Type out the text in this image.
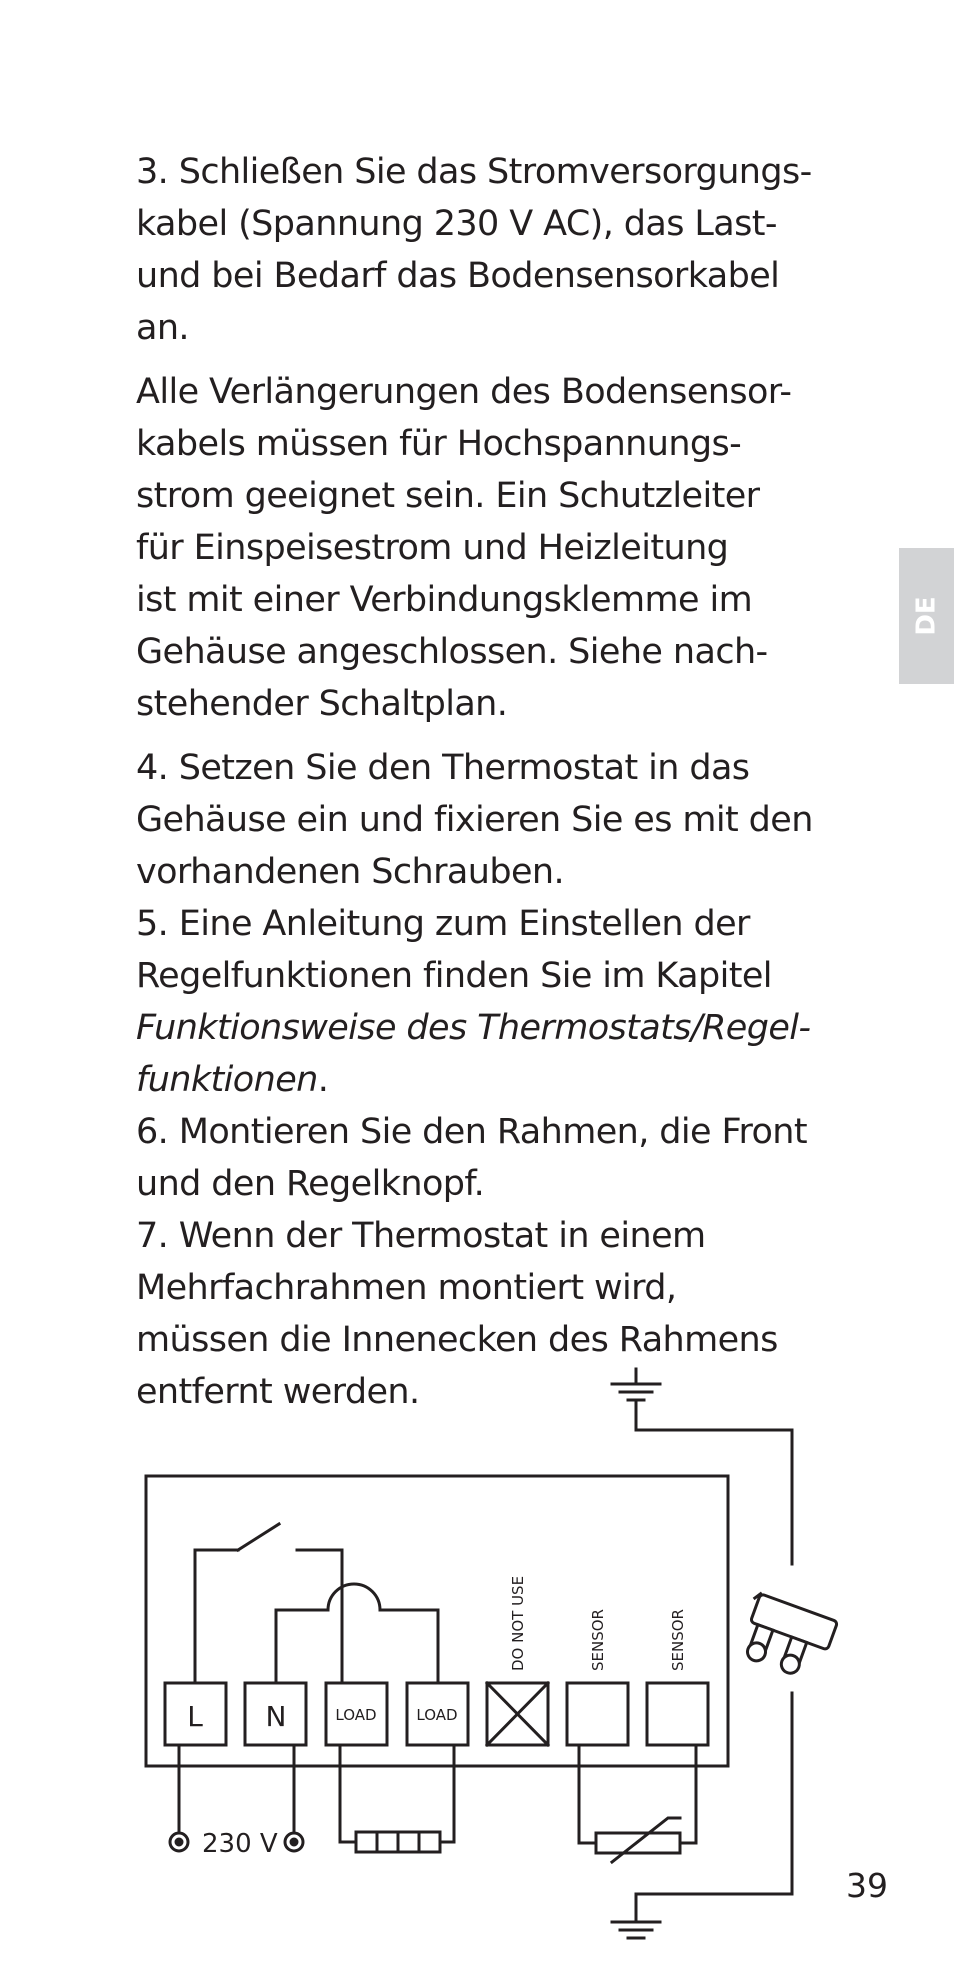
3. Schließen Sie das Stromversorgungs-
kabel (Spannung 230 V AC), das Last-
und bei Bedarf das Bodensensorkabel
an.

Alle Verlängerungen des Bodensensor-
kabels müssen für Hochspannungs-
strom geeignet sein. Ein Schutzleiter
für Einspeisestrom und Heizleitung
ist mit einer Verbindungsklemme im
Gehäuse angeschlossen. Siehe nach-
stehender Schaltplan.

4. Setzen Sie den Thermostat in das
Gehäuse ein und fixieren Sie es mit den
vorhandenen Schrauben.

5. Eine Anleitung zum Einstellen der
Regelfunktionen finden Sie im Kapitel
Funktionsweise des Thermostats/Regel-
funktionen.

6. Montieren Sie den Rahmen, die Front
und den Regelknopf.

7. Wenn der Thermostat in einem
Mehrfachrahmen montiert wird,
müssen die Innenecken des Rahmens
entfernt werden.

DE
L N	LOAD	LOAD
DO NOT USE	SENSOR	SENSOR
230 V
39
